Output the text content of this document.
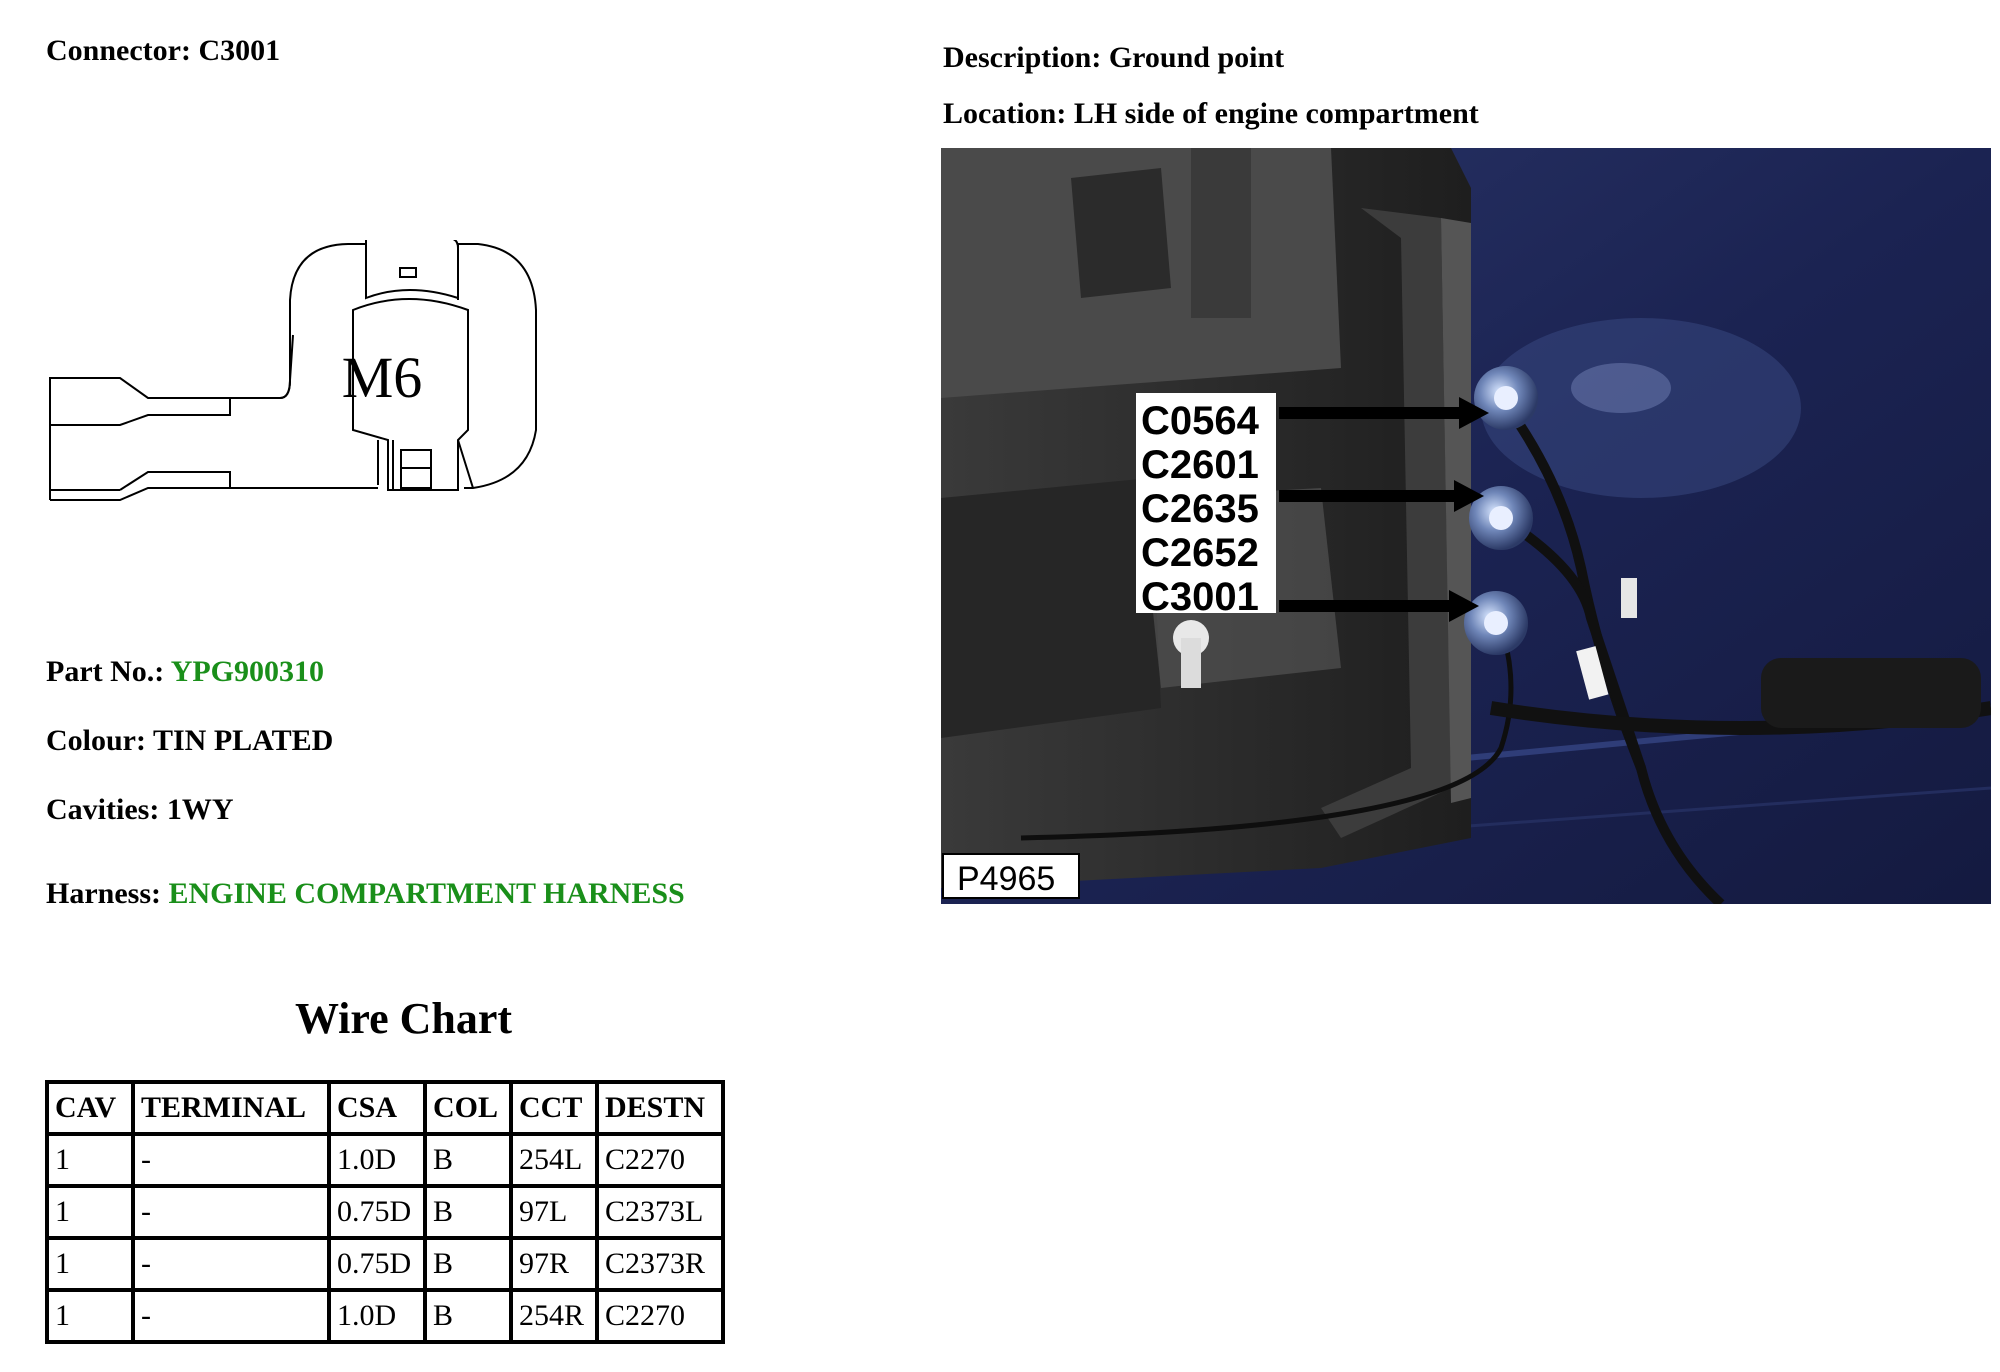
Connector: C3001
M6
Part No.: YPG900310
Colour: TIN PLATED
Cavities: 1WY
Harness: ENGINE COMPARTMENT HARNESS
Wire Chart
CAV	TERMINAL	CSA	COL	CCT	DESTN
1	-	1.0D	B	254L	C2270
1	-	0.75D	B	97L	C2373L
1	-	0.75D	B	97R	C2373R
1	-	1.0D	B	254R	C2270
Description: Ground point
Location: LH side of engine compartment
C0564
C2601
C2635
C2652
C3001
P4965
